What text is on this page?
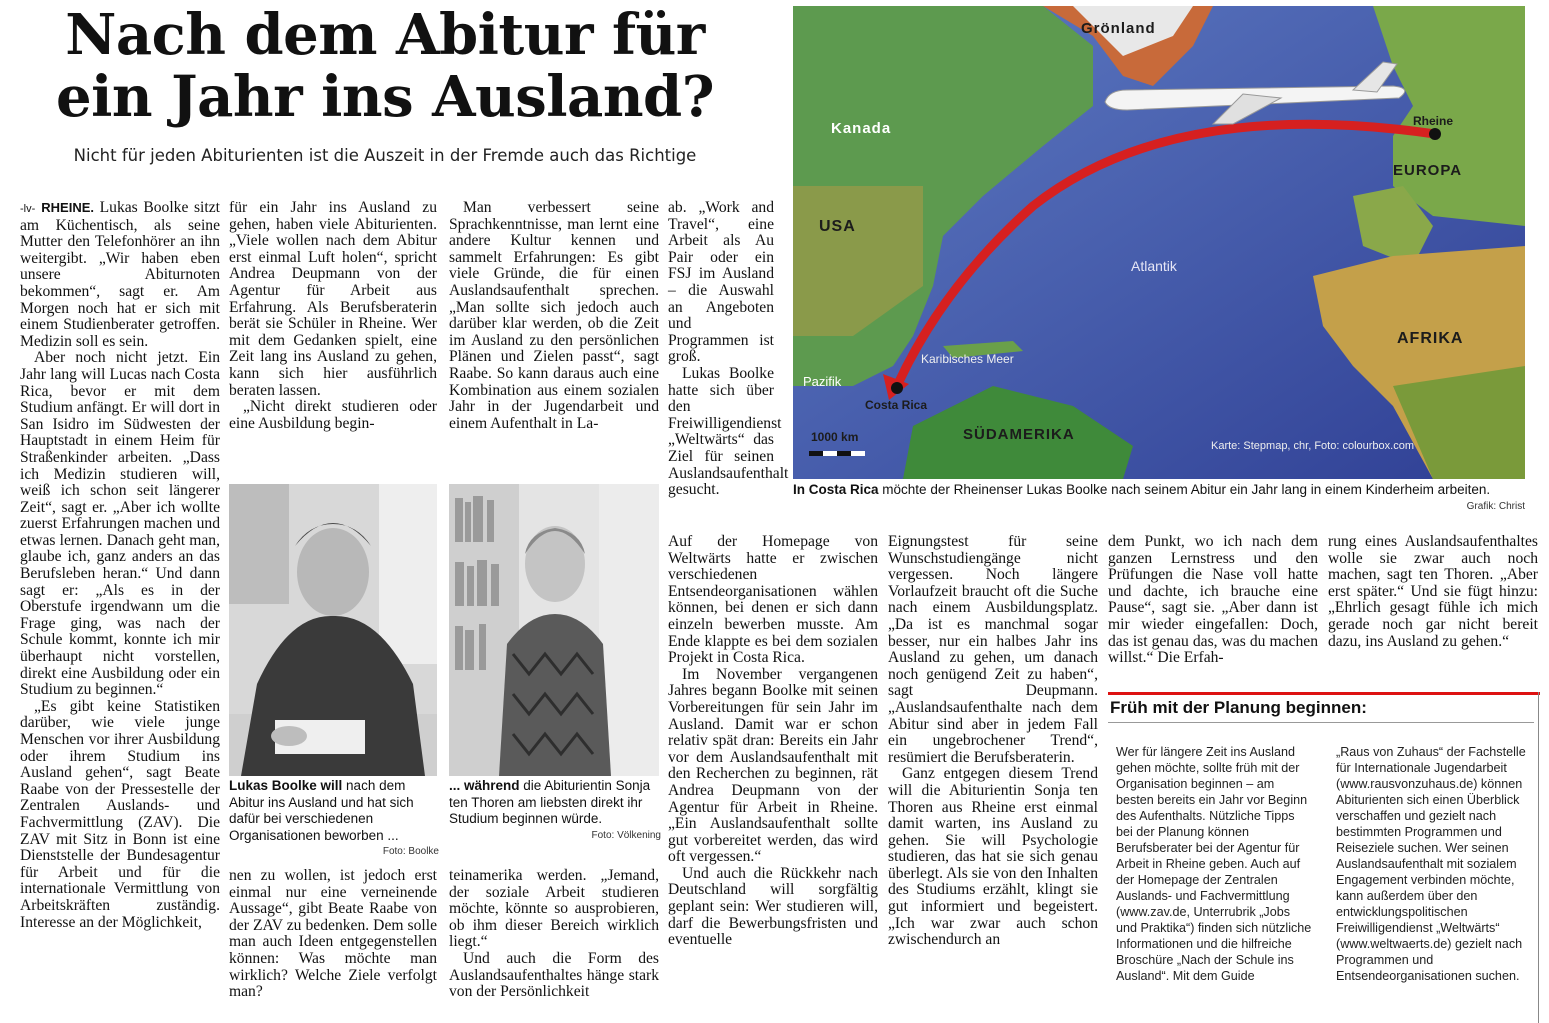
Nach dem Abitur für ein Jahr ins Ausland?
Nicht für jeden Abiturienten ist die Auszeit in der Fremde auch das Richtige

-lv- RHEINE. Lukas Boolke sitzt am Küchentisch, als seine Mutter den Telefonhörer an ihn weitergibt. „Wir haben eben unsere Abiturnoten bekommen“, sagt er. Am Morgen noch hat er sich mit einem Studienberater getroffen. Medizin soll es sein.

Aber noch nicht jetzt. Ein Jahr lang will Lucas nach Costa Rica, bevor er mit dem Studium anfängt. Er will dort in San Isidro im Südwesten der Hauptstadt in einem Heim für Straßenkinder arbeiten. „Dass ich Medizin studieren will, weiß ich schon seit längerer Zeit“, sagt er. „Aber ich wollte zuerst Erfahrungen machen und etwas lernen. Danach geht man, glaube ich, ganz anders an das Berufsleben heran.“ Und dann sagt er: „Als es in der Oberstufe irgendwann um die Frage ging, was nach der Schule kommt, konnte ich mir überhaupt nicht vorstellen, direkt eine Ausbildung oder ein Studium zu beginnen.“

„Es gibt keine Statistiken darüber, wie viele junge Menschen vor ihrer Ausbildung oder ihrem Studium ins Ausland gehen“, sagt Beate Raabe von der Pressestelle der Zentralen Auslands- und Fachvermittlung (ZAV). Die ZAV mit Sitz in Bonn ist eine Dienststelle der Bundesagentur für Arbeit und für die internationale Vermittlung von Arbeitskräften zuständig. Interesse an der Möglichkeit,

für ein Jahr ins Ausland zu gehen, haben viele Abiturienten. „Viele wollen nach dem Abitur erst einmal Luft holen“, spricht Andrea Deupmann von der Agentur für Arbeit aus Erfahrung. Als Berufsberaterin berät sie Schüler in Rheine. Wer mit dem Gedanken spielt, eine Zeit lang ins Ausland zu gehen, kann sich hier ausführlich beraten lassen.

„Nicht direkt studieren oder eine Ausbildung begin-

Lukas Boolke will nach dem Abitur ins Ausland und hat sich dafür bei verschiedenen Organisationen beworben ...
Foto: Boolke

nen zu wollen, ist jedoch erst einmal nur eine verneinende Aussage“, gibt Beate Raabe von der ZAV zu bedenken. Dem solle man auch Ideen entgegenstellen können: Was möchte man wirklich? Welche Ziele verfolgt man?

Man verbessert seine Sprachkenntnisse, man lernt eine andere Kultur kennen und sammelt Erfahrungen: Es gibt viele Gründe, die für einen Auslandsaufenthalt sprechen. „Man sollte sich jedoch auch darüber klar werden, ob die Zeit im Ausland zu den persönlichen Plänen und Zielen passt“, sagt Raabe. So kann daraus auch eine Kombination aus einem sozialen Jahr in der Jugendarbeit und einem Aufenthalt in La-

... während die Abiturientin Sonja ten Thoren am liebsten direkt ihr Studium beginnen würde.
Foto: Völkening

teinamerika werden. „Jemand, der soziale Arbeit studieren möchte, könnte so ausprobieren, ob ihm dieser Bereich wirklich liegt.“

Und auch die Form des Auslandsaufenthaltes hänge stark von der Persönlichkeit

ab. „Work and Travel“, eine Arbeit als Au Pair oder ein FSJ im Ausland – die Auswahl an Angeboten und Programmen ist groß.

Lukas Boolke hatte sich über den Freiwilligendienst „Weltwärts“ das Ziel für seinen Auslandsaufenthalt gesucht.

Auf der Homepage von Weltwärts hatte er zwischen verschiedenen Entsendeorganisationen wählen können, bei denen er sich dann einzeln bewerben musste. Am Ende klappte es bei dem sozialen Projekt in Costa Rica.

Im November vergangenen Jahres begann Boolke mit seinen Vorbereitungen für sein Jahr im Ausland. Damit war er schon relativ spät dran: Bereits ein Jahr vor dem Auslandsaufenthalt mit den Recherchen zu beginnen, rät Andrea Deupmann von der Agentur für Arbeit in Rheine. „Ein Auslandsaufenthalt sollte gut vorbereitet werden, das wird oft vergessen.“

Und auch die Rückkehr nach Deutschland will sorgfältig geplant sein: Wer studieren will, darf die Bewerbungsfristen und eventuelle

Grönland
Kanada
USA
Rheine
EUROPA
Atlantik
AFRIKA
Karibisches Meer
Pazifik
Costa Rica
SÜDAMERIKA
1000 km
Karte: Stepmap, chr, Foto: colourbox.com
In Costa Rica möchte der Rheinenser Lukas Boolke nach seinem Abitur ein Jahr lang in einem Kinderheim arbeiten.
Grafik: Christ

Eignungstest für seine Wunschstudiengänge nicht vergessen. Noch längere Vorlaufzeit braucht oft die Suche nach einem Ausbildungsplatz. „Da ist es manchmal sogar besser, nur ein halbes Jahr ins Ausland zu gehen, um danach noch genügend Zeit zu haben“, sagt Deupmann. „Auslandsaufenthalte nach dem Abitur sind aber in jedem Fall ein ungebrochener Trend“, resümiert die Berufsberaterin.

Ganz entgegen diesem Trend will die Abiturientin Sonja ten Thoren aus Rheine erst einmal damit warten, ins Ausland zu gehen. Sie will Psychologie studieren, das hat sie sich genau überlegt. Als sie von den Inhalten des Studiums erzählt, klingt sie gut informiert und begeistert. „Ich war zwar auch schon zwischendurch an

dem Punkt, wo ich nach dem ganzen Lernstress und den Prüfungen die Nase voll hatte und dachte, ich brauche eine Pause“, sagt sie. „Aber dann ist mir wieder eingefallen: Doch, das ist genau das, was du machen willst.“ Die Erfah-

rung eines Auslandsaufenthaltes wolle sie zwar auch noch machen, sagt ten Thoren. „Aber erst später.“ Und sie fügt hinzu: „Ehrlich gesagt fühle ich mich gerade noch gar nicht bereit dazu, ins Ausland zu gehen.“

Früh mit der Planung beginnen:
Wer für längere Zeit ins Ausland gehen möchte, sollte früh mit der Organisation beginnen – am besten bereits ein Jahr vor Beginn des Aufenthalts. Nützliche Tipps bei der Planung können Berufsberater bei der Agentur für Arbeit in Rheine geben. Auch auf der Homepage der Zentralen Auslands- und Fachvermittlung (www.zav.de, Unterrubrik „Jobs und Praktika“) finden sich nützliche Informationen und die hilfreiche Broschüre „Nach der Schule ins Ausland“. Mit dem Guide
„Raus von Zuhaus“ der Fachstelle für Internationale Jugendarbeit (www.rausvonzuhaus.de) können Abiturienten sich einen Überblick verschaffen und gezielt nach bestimmten Programmen und Reiseziele suchen. Wer seinen Auslandsaufenthalt mit sozialem Engagement verbinden möchte, kann außerdem über den entwicklungspolitischen Freiwilligendienst „Weltwärts“ (www.weltwaerts.de) gezielt nach Programmen und Entsendeorganisationen suchen.
